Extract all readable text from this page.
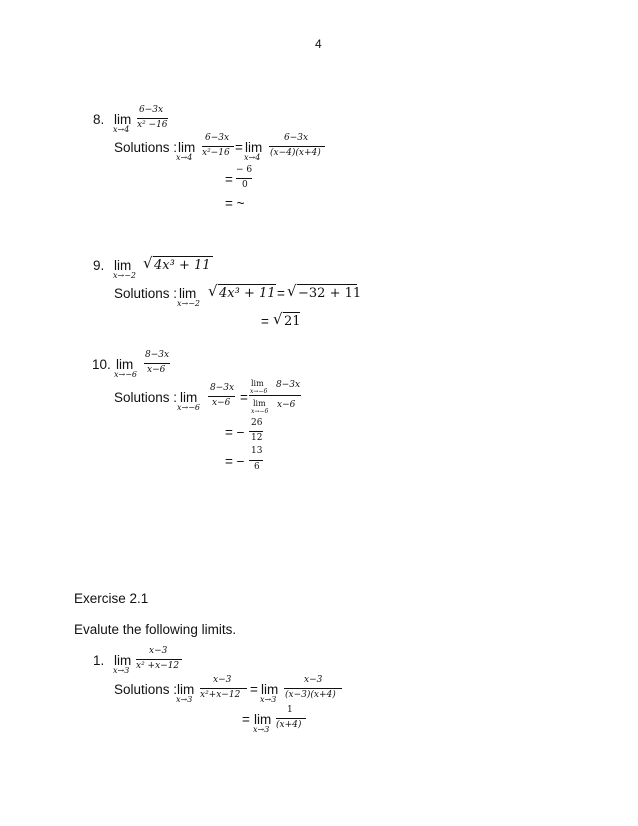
4
8. lim
x→4
6−3x
x² −16
Solutions : lim
x→4
6−3x
x²−16 = lim
x→4
6−3x
(x−4)(x+4)
=
− 6
0
= ~
9. lim
x→−2
√ 4x³ + 11
Solutions : lim
x→−2
√ 4x³ + 11 = √ −32 + 11
= √ 21
10. lim
x→−6
8−3x
x−6
Solutions : lim
x→−6
8−3x
x−6 =
lim
x→−6
8−3x
lim
x→−6
x−6
= −
26
12
= −
13
6
Exercise 2.1
Evalute the following limits.
1. lim
x→3
x−3
x² +x−12
Solutions : lim
x→3
x−3
x²+x−12 = lim
x→3
x−3
(x−3)(x+4)
= lim
x→3
1
(x+4)
